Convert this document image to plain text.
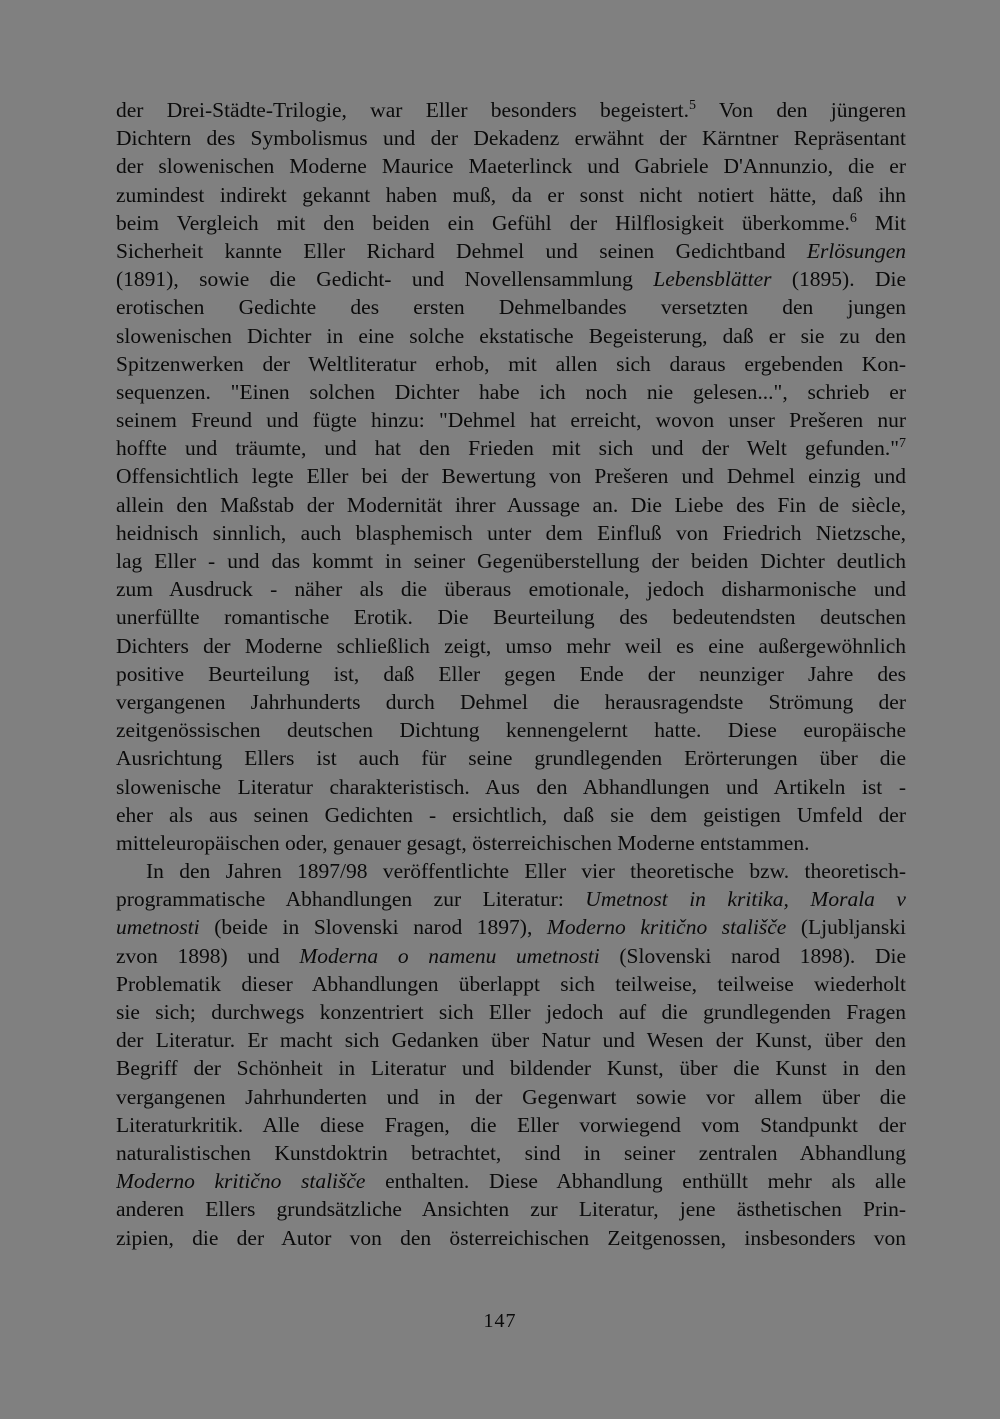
der Drei-Städte-Trilogie, war Eller besonders begeistert.$^5$ Von den jüngeren
Dichtern des Symbolismus und der Dekadenz erwähnt der Kärntner Repräsentant
der slowenischen Moderne Maurice Maeterlinck und Gabriele D'Annunzio, die er
zumindest indirekt gekannt haben muß, da er sonst nicht notiert hätte, daß ihn
beim Vergleich mit den beiden ein Gefühl der Hilflosigkeit überkomme.$^6$ Mit
Sicherheit kannte Eller Richard Dehmel und seinen Gedichtband Erlösungen
(1891), sowie die Gedicht- und Novellensammlung Lebensblätter (1895). Die
erotischen Gedichte des ersten Dehmelbandes versetzten den jungen
slowenischen Dichter in eine solche ekstatische Begeisterung, daß er sie zu den
Spitzenwerken der Weltliteratur erhob, mit allen sich daraus ergebenden Kon-
sequenzen. "Einen solchen Dichter habe ich noch nie gelesen...", schrieb er
seinem Freund und fügte hinzu: "Dehmel hat erreicht, wovon unser Prešeren nur
hoffte und träumte, und hat den Frieden mit sich und der Welt gefunden."$^7$
Offensichtlich legte Eller bei der Bewertung von Prešeren und Dehmel einzig und
allein den Maßstab der Modernität ihrer Aussage an. Die Liebe des Fin de siècle,
heidnisch sinnlich, auch blasphemisch unter dem Einfluß von Friedrich Nietzsche,
lag Eller - und das kommt in seiner Gegenüberstellung der beiden Dichter deutlich
zum Ausdruck - näher als die überaus emotionale, jedoch disharmonische und
unerfüllte romantische Erotik. Die Beurteilung des bedeutendsten deutschen
Dichters der Moderne schließlich zeigt, umso mehr weil es eine außergewöhnlich
positive Beurteilung ist, daß Eller gegen Ende der neunziger Jahre des
vergangenen Jahrhunderts durch Dehmel die herausragendste Strömung der
zeitgenössischen deutschen Dichtung kennengelernt hatte. Diese europäische
Ausrichtung Ellers ist auch für seine grundlegenden Erörterungen über die
slowenische Literatur charakteristisch. Aus den Abhandlungen und Artikeln ist -
eher als aus seinen Gedichten - ersichtlich, daß sie dem geistigen Umfeld der
mitteleuropäischen oder, genauer gesagt, österreichischen Moderne entstammen.
In den Jahren 1897/98 veröffentlichte Eller vier theoretische bzw. theoretisch-
programmatische Abhandlungen zur Literatur: Umetnost in kritika, Morala v
umetnosti (beide in Slovenski narod 1897), Moderno kritično stališče (Ljubljanski
zvon 1898) und Moderna o namenu umetnosti (Slovenski narod 1898). Die
Problematik dieser Abhandlungen überlappt sich teilweise, teilweise wiederholt
sie sich; durchwegs konzentriert sich Eller jedoch auf die grundlegenden Fragen
der Literatur. Er macht sich Gedanken über Natur und Wesen der Kunst, über den
Begriff der Schönheit in Literatur und bildender Kunst, über die Kunst in den
vergangenen Jahrhunderten und in der Gegenwart sowie vor allem über die
Literaturkritik. Alle diese Fragen, die Eller vorwiegend vom Standpunkt der
naturalistischen Kunstdoktrin betrachtet, sind in seiner zentralen Abhandlung
Moderno kritično stališče enthalten. Diese Abhandlung enthüllt mehr als alle
anderen Ellers grundsätzliche Ansichten zur Literatur, jene ästhetischen Prin-
zipien, die der Autor von den österreichischen Zeitgenossen, insbesonders von
147
